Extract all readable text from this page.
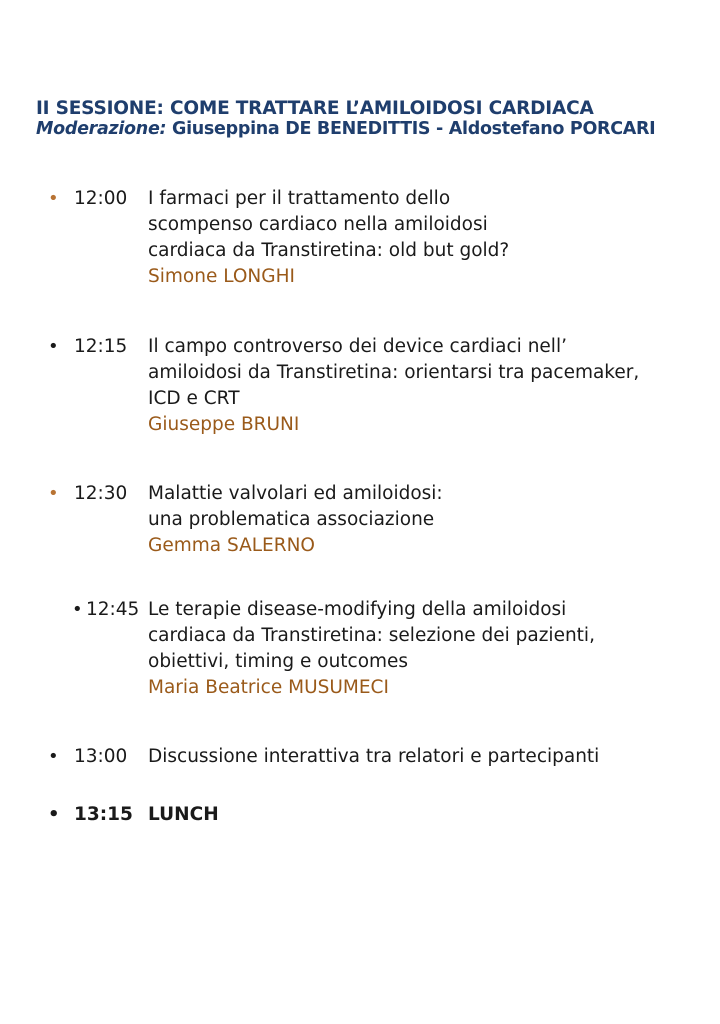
II SESSIONE: COME TRATTARE L’AMILOIDOSI CARDIACA
Moderazione: Giuseppina DE BENEDITTIS - Aldostefano PORCARI
• 12:00 I farmaci per il trattamento dello
scompenso cardiaco nella amiloidosi
cardiaca da Transtiretina: old but gold?
Simone LONGHI
• 12:15 Il campo controverso dei device cardiaci nell’
amiloidosi da Transtiretina: orientarsi tra pacemaker,
ICD e CRT
Giuseppe BRUNI
• 12:30 Malattie valvolari ed amiloidosi:
una problematica associazione
Gemma SALERNO
• 12:45 Le terapie disease-modifying della amiloidosi
cardiaca da Transtiretina: selezione dei pazienti,
obiettivi, timing e outcomes
Maria Beatrice MUSUMECI
• 13:00 Discussione interattiva tra relatori e partecipanti
• 13:15 LUNCH
